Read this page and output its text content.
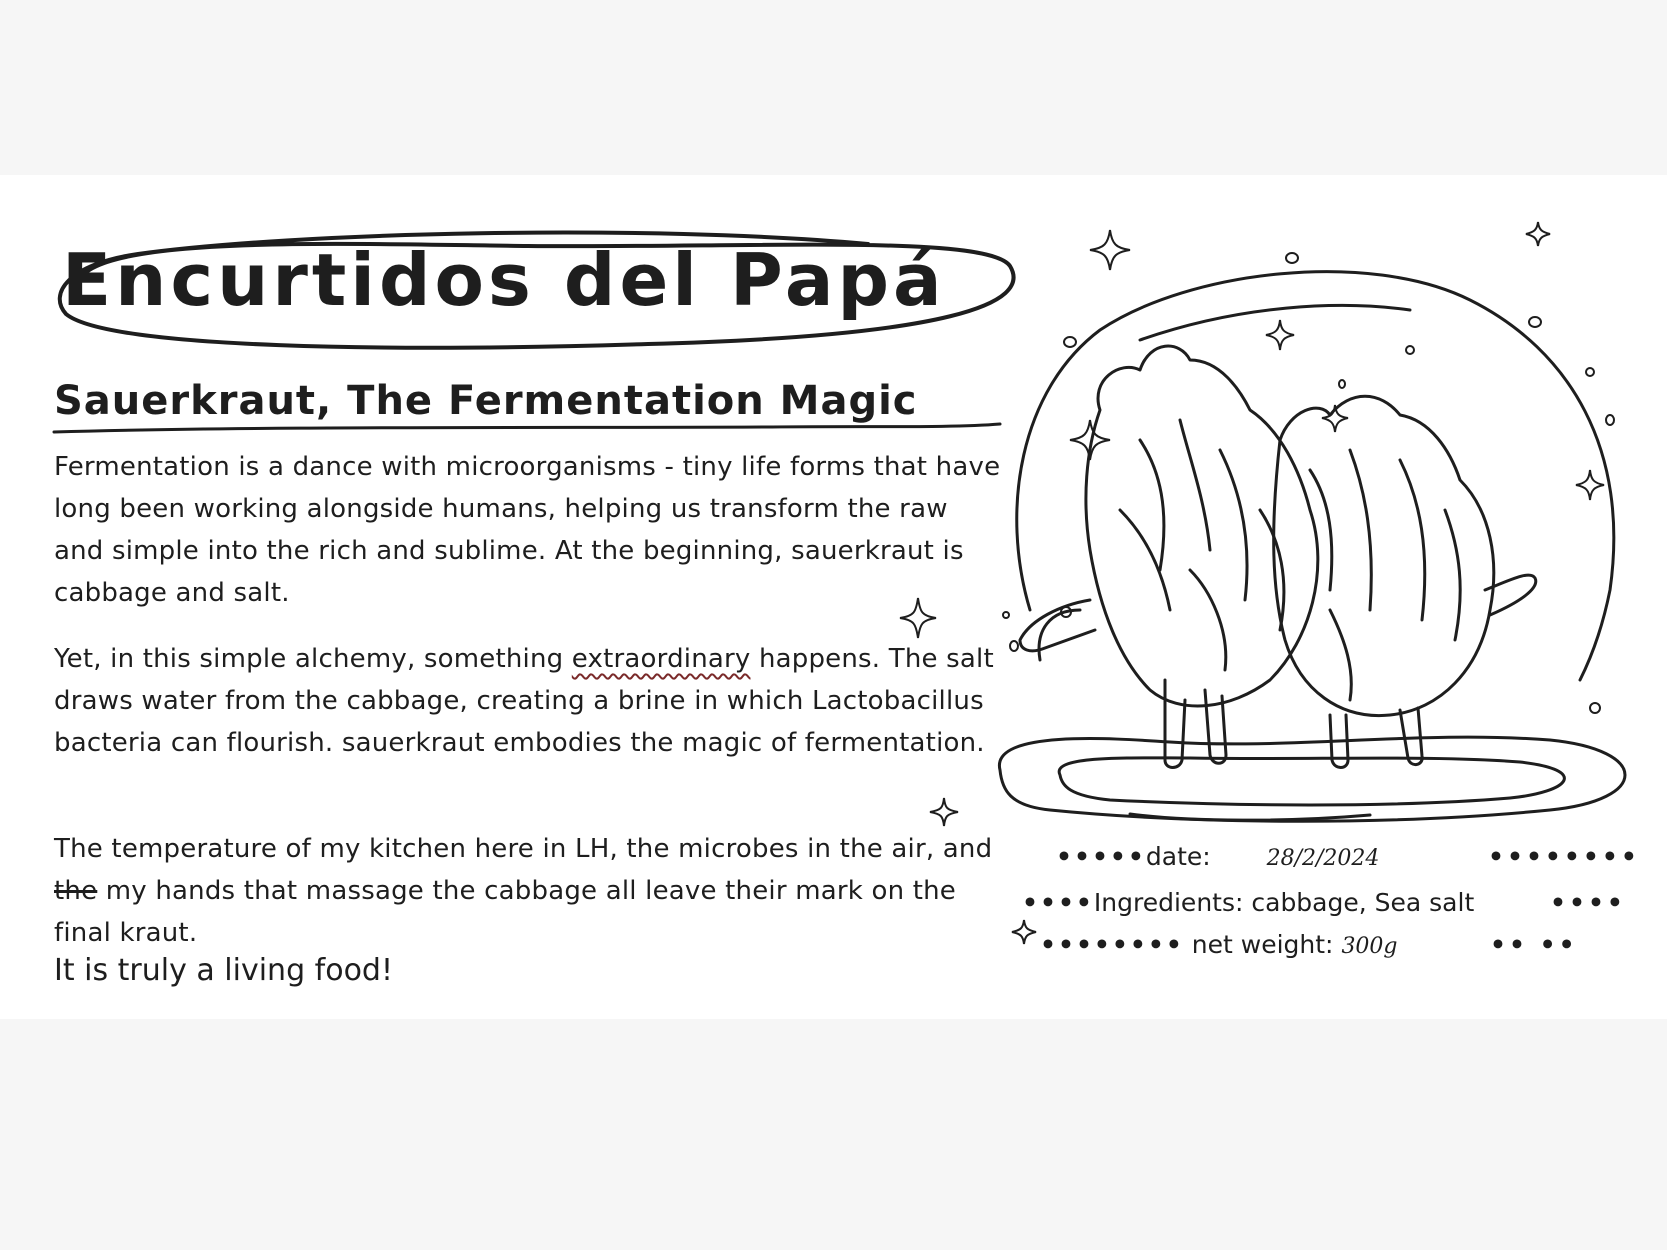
Encurtidos del Papá
Sauerkraut, The Fermentation Magic
Fermentation is a dance with microorganisms - tiny life forms that have long been working alongside humans, helping us transform the raw and simple into the rich and sublime. At the beginning, sauerkraut is cabbage and salt.
Yet, in this simple alchemy, something extraordinary happens. The salt draws water from the cabbage, creating a brine in which Lactobacillus bacteria can flourish. sauerkraut embodies the magic of fermentation.
The temperature of my kitchen here in LH, the microbes in the air, and the my hands that massage the cabbage all leave their mark on the final kraut.
It is truly a living food!
•••••date:	28/2/2024	••••••••
••••Ingredients: cabbage, Sea salt	••••
•••••••• net weight: 300g	•• ••
